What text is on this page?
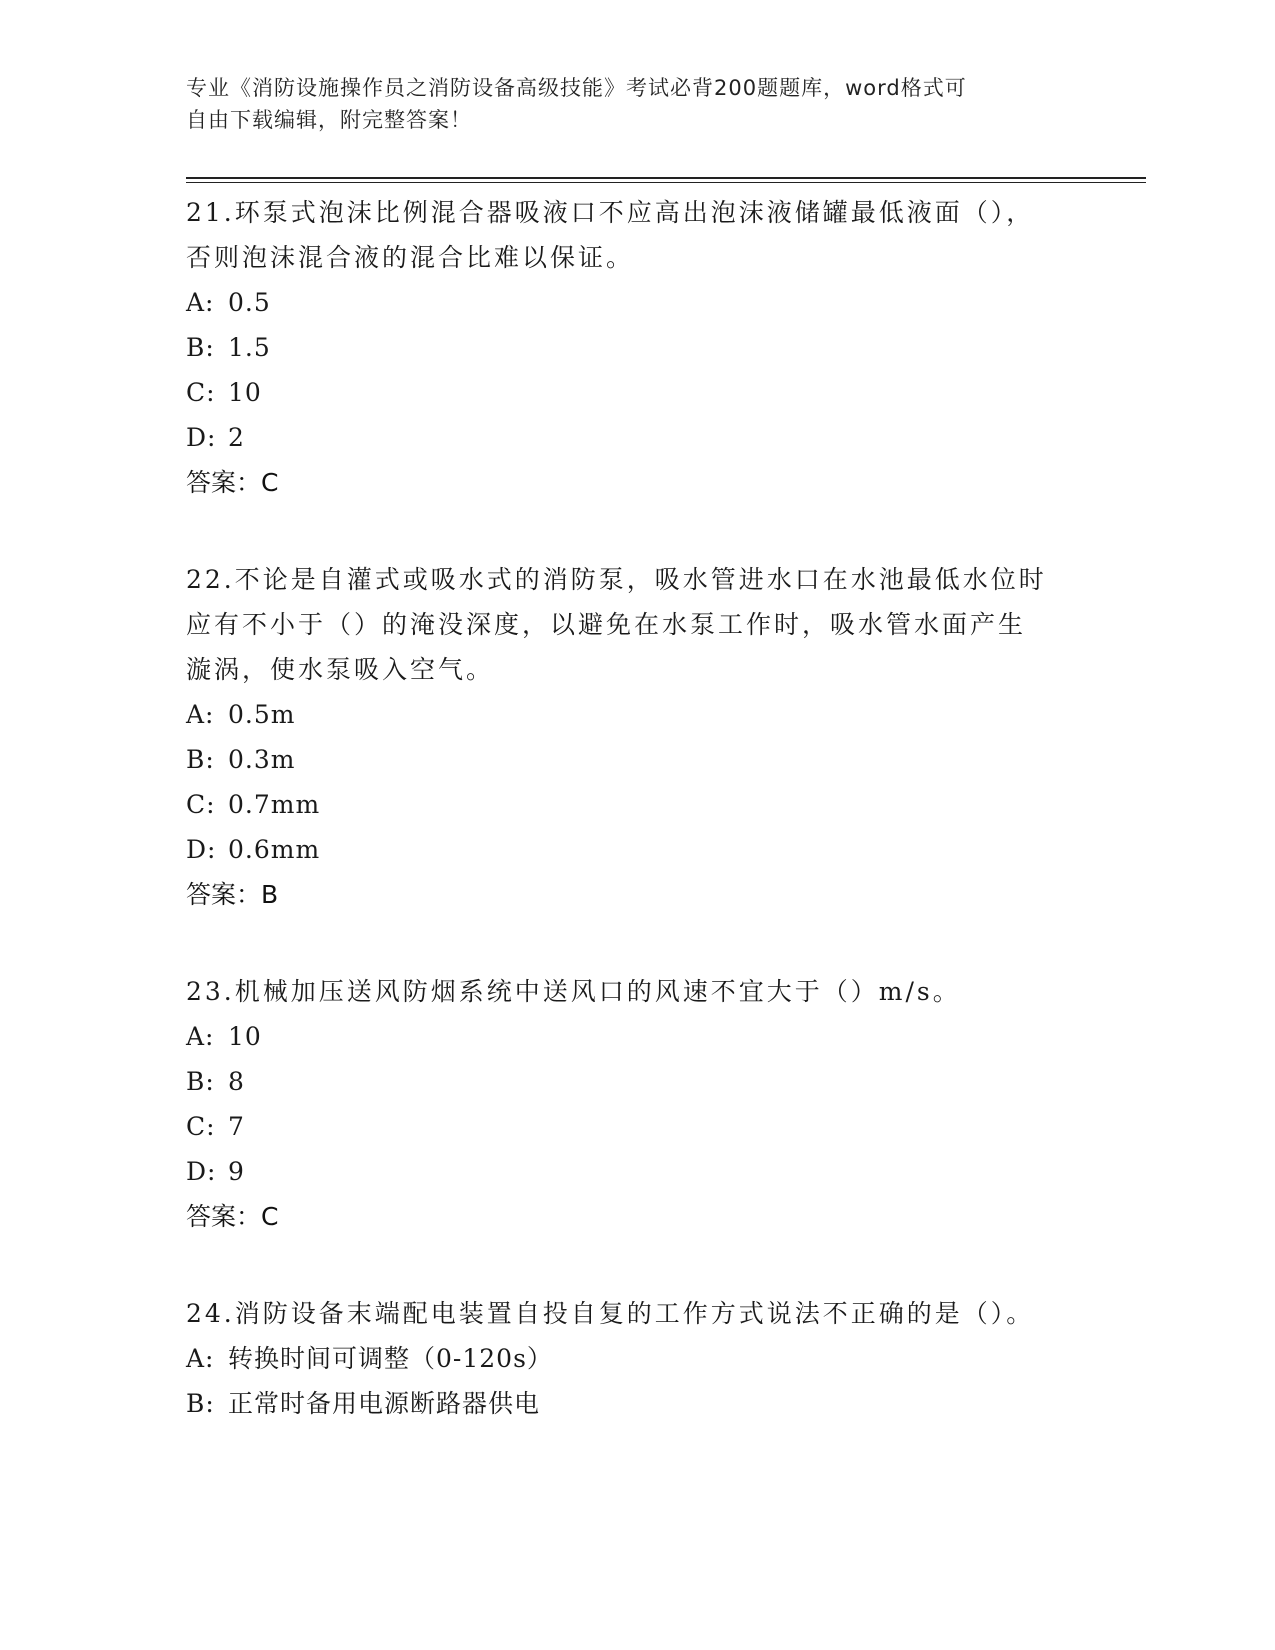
专业《消防设施操作员之消防设备高级技能》考试必背200题题库，word格式可
自由下载编辑，附完整答案！
21.环泵式泡沫比例混合器吸液口不应高出泡沫液储罐最低液面（），
否则泡沫混合液的混合比难以保证。
A: 0.5
B: 1.5
C: 10
D: 2
答案：C
22.不论是自灌式或吸水式的消防泵，吸水管进水口在水池最低水位时
应有不小于（）的淹没深度，以避免在水泵工作时，吸水管水面产生
漩涡，使水泵吸入空气。
A: 0.5m
B: 0.3m
C: 0.7mm
D: 0.6mm
答案：B
23.机械加压送风防烟系统中送风口的风速不宜大于（）m/s。
A: 10
B: 8
C: 7
D: 9
答案：C
24.消防设备末端配电装置自投自复的工作方式说法不正确的是（）。
A: 转换时间可调整（0-120s）
B: 正常时备用电源断路器供电
